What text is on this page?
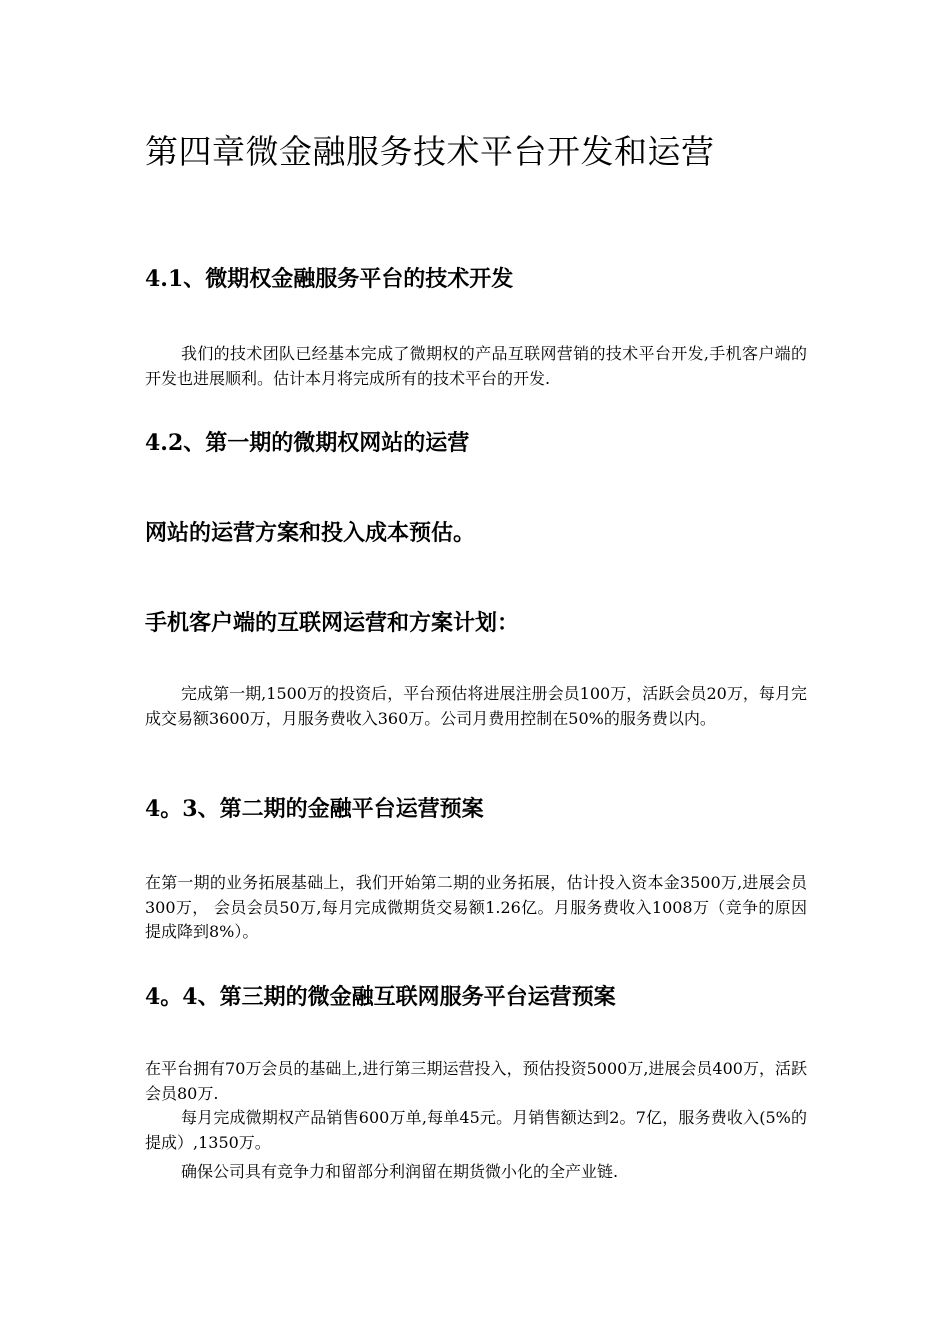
第四章微金融服务技术平台开发和运营
4.1、微期权金融服务平台的技术开发

我们的技术团队已经基本完成了微期权的产品互联网营销的技术平台开发,手机客户端的开发也进展顺利。估计本月将完成所有的技术平台的开发.

4.2、第一期的微期权网站的运营
网站的运营方案和投入成本预估。
手机客户端的互联网运营和方案计划：

完成第一期,1500万的投资后，平台预估将进展注册会员100万，活跃会员20万，每月完成交易额3600万，月服务费收入360万。公司月费用控制在50%的服务费以内。

4。3、第二期的金融平台运营预案

在第一期的业务拓展基础上，我们开始第二期的业务拓展，估计投入资本金3500万,进展会员300万， 会员会员50万,每月完成微期货交易额1.26亿。月服务费收入1008万（竞争的原因提成降到8%）。

4。4、第三期的微金融互联网服务平台运营预案

在平台拥有70万会员的基础上,进行第三期运营投入，预估投资5000万,进展会员400万，活跃会员80万.

每月完成微期权产品销售600万单,每单45元。月销售额达到2。7亿，服务费收入(5%的提成）,1350万。

确保公司具有竞争力和留部分利润留在期货微小化的全产业链.
